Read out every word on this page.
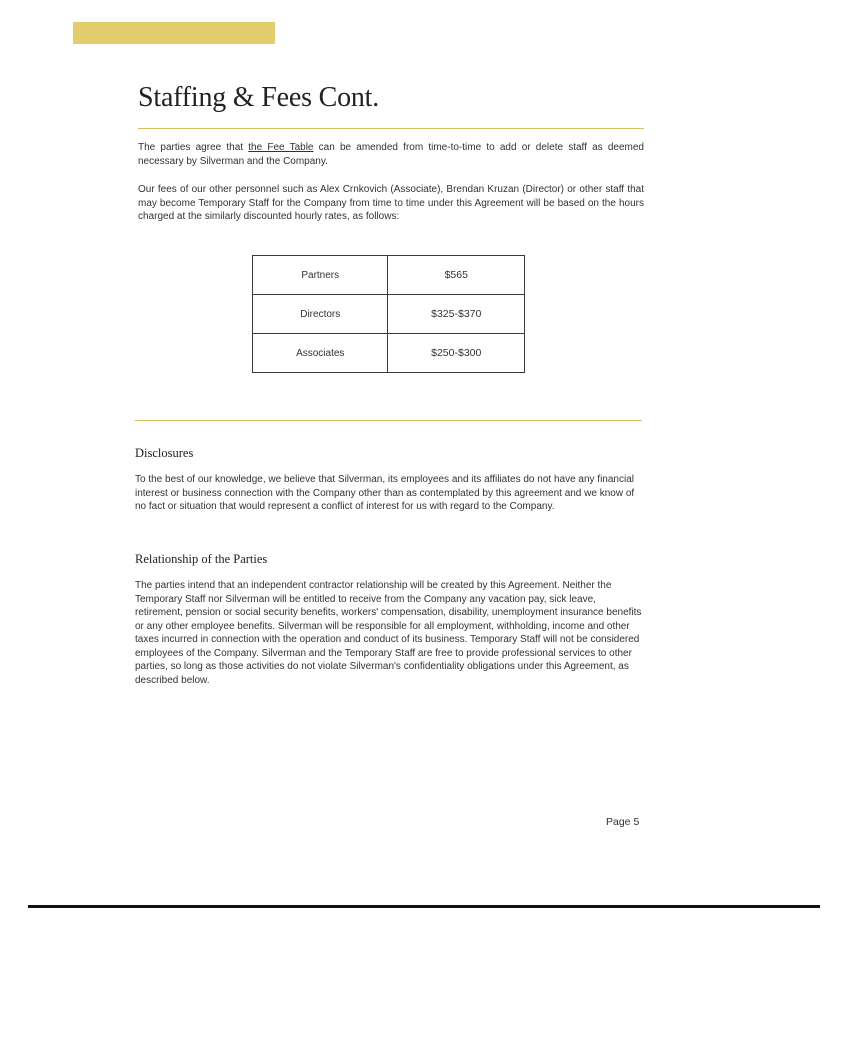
Staffing & Fees Cont.

The parties agree that the Fee Table can be amended from time-to-time to add or delete staff as deemed necessary by Silverman and the Company.

Our fees of our other personnel such as Alex Crnkovich (Associate), Brendan Kruzan (Director) or other staff that may become Temporary Staff for the Company from time to time under this Agreement will be based on the hours charged at the similarly discounted hourly rates, as follows:

Partners	$565
Directors	$325-$370
Associates	$250-$300
Disclosures

To the best of our knowledge, we believe that Silverman, its employees and its affiliates do not have any financial interest or business connection with the Company other than as contemplated by this agreement and we know of no fact or situation that would represent a conflict of interest for us with regard to the Company.

Relationship of the Parties

The parties intend that an independent contractor relationship will be created by this Agreement. Neither the Temporary Staff nor Silverman will be entitled to receive from the Company any vacation pay, sick leave, retirement, pension or social security benefits, workers' compensation, disability, unemployment insurance benefits or any other employee benefits. Silverman will be responsible for all employment, withholding, income and other taxes incurred in connection with the operation and conduct of its business. Temporary Staff will not be considered employees of the Company. Silverman and the Temporary Staff are free to provide professional services to other parties, so long as those activities do not violate Silverman's confidentiality obligations under this Agreement, as described below.

Page 5
